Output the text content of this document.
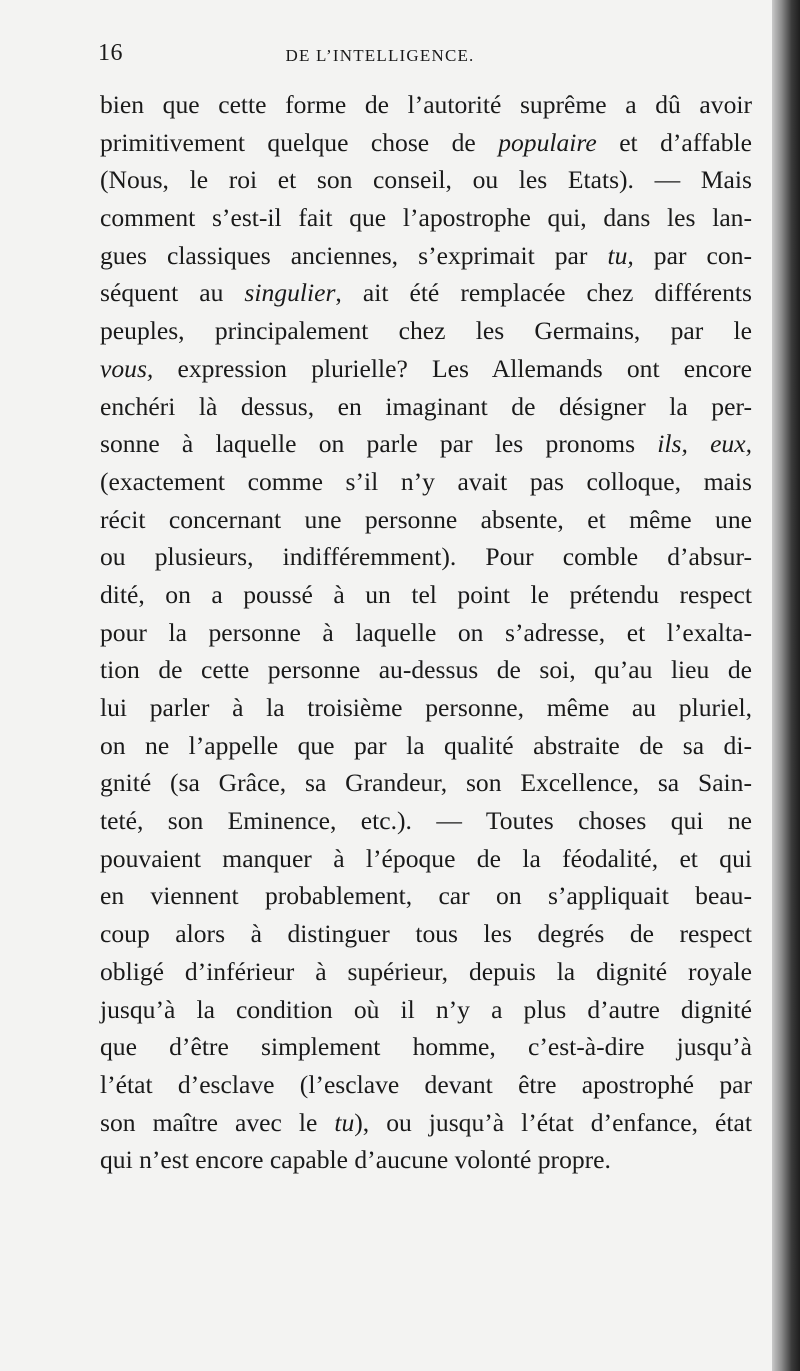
16	DE L’INTELLIGENCE.
bien que cette forme de l’autorité suprême a dû avoir
primitivement quelque chose de populaire et d’affable
(Nous, le roi et son conseil, ou les Etats). — Mais
comment s’est-il fait que l’apostrophe qui, dans les lan-
gues classiques anciennes, s’exprimait par tu, par con-
séquent au singulier, ait été remplacée chez différents
peuples, principalement chez les Germains, par le
vous, expression plurielle? Les Allemands ont encore
enchéri là dessus, en imaginant de désigner la per-
sonne à laquelle on parle par les pronoms ils, eux,
(exactement comme s’il n’y avait pas colloque, mais
récit concernant une personne absente, et même une
ou plusieurs, indifféremment). Pour comble d’absur-
dité, on a poussé à un tel point le prétendu respect
pour la personne à laquelle on s’adresse, et l’exalta-
tion de cette personne au-dessus de soi, qu’au lieu de
lui parler à la troisième personne, même au pluriel,
on ne l’appelle que par la qualité abstraite de sa di-
gnité (sa Grâce, sa Grandeur, son Excellence, sa Sain-
teté, son Eminence, etc.). — Toutes choses qui ne
pouvaient manquer à l’époque de la féodalité, et qui
en viennent probablement, car on s’appliquait beau-
coup alors à distinguer tous les degrés de respect
obligé d’inférieur à supérieur, depuis la dignité royale
jusqu’à la condition où il n’y a plus d’autre dignité
que d’être simplement homme, c’est-à-dire jusqu’à
l’état d’esclave (l’esclave devant être apostrophé par
son maître avec le tu), ou jusqu’à l’état d’enfance, état
qui n’est encore capable d’aucune volonté propre.
